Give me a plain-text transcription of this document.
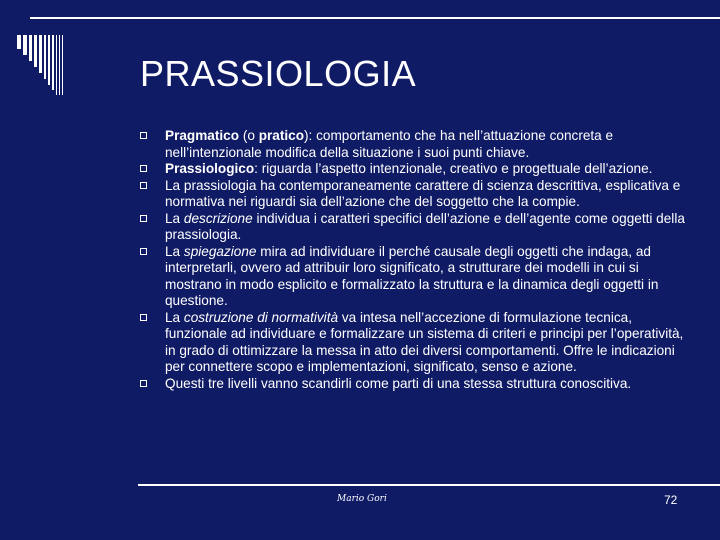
PRASSIOLOGIA
Pragmatico (o pratico): comportamento che ha nell’attuazione concreta e nell’intenzionale modifica della situazione i suoi punti chiave.
Prassiologico: riguarda l’aspetto intenzionale, creativo e progettuale dell’azione.
La prassiologia ha contemporaneamente carattere di scienza descrittiva, esplicativa e normativa nei riguardi sia dell’azione che del soggetto che la compie.
La descrizione individua i caratteri specifici dell’azione e dell’agente come oggetti della prassiologia.
La spiegazione mira ad individuare il perché causale degli oggetti che indaga, ad interpretarli, ovvero ad attribuir loro significato, a strutturare dei modelli in cui si mostrano in modo esplicito e formalizzato la struttura e la dinamica degli oggetti in questione.
La costruzione di normatività va intesa nell’accezione di formulazione tecnica, funzionale ad individuare e formalizzare un sistema di criteri e principi per l’operatività, in grado di ottimizzare la messa in atto dei diversi comportamenti. Offre le indicazioni per connettere scopo e implementazioni, significato, senso e azione.
Questi tre livelli vanno scandirli come parti di una stessa struttura conoscitiva.
Mario Gori	72
